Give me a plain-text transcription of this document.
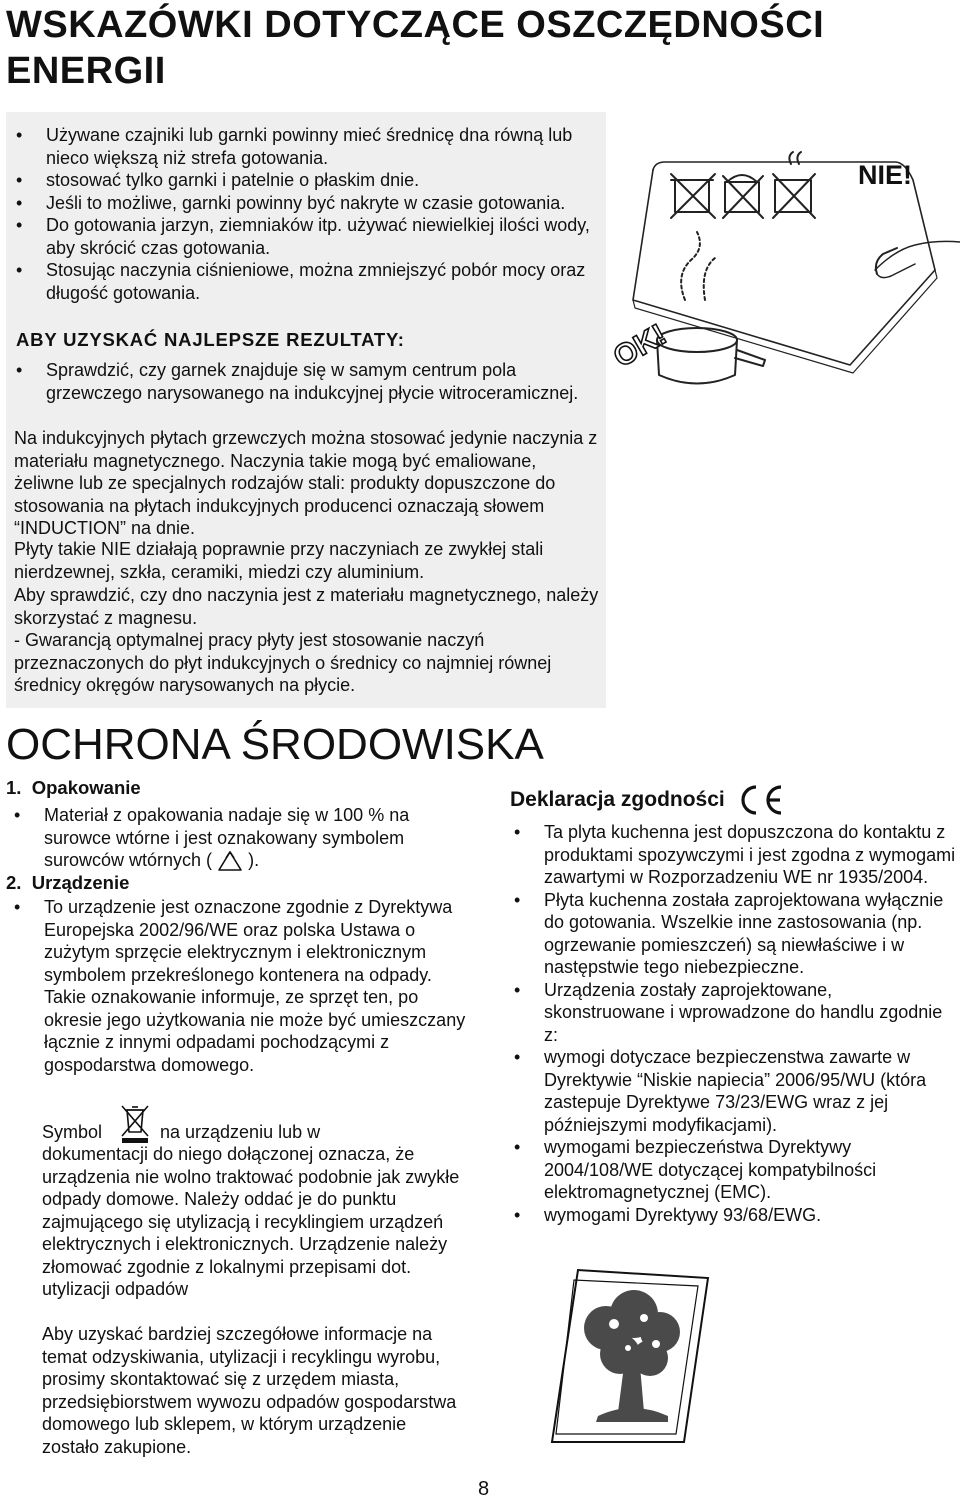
WSKAZÓWKI DOTYCZĄCE OSZCZĘDNOŚCI ENERGII
• Używane czajniki lub garnki powinny mieć średnicę dna równą lub nieco większą niż strefa gotowania.
• stosować tylko garnki i patelnie o płaskim dnie.
• Jeśli to możliwe, garnki powinny być nakryte w czasie gotowania.
• Do gotowania jarzyn, ziemniaków itp. używać niewielkiej ilości wody, aby skrócić czas gotowania.
• Stosując naczynia ciśnieniowe, można zmniejszyć pobór mocy oraz długość gotowania.
ABY UZYSKAĆ NAJLEPSZE REZULTATY:
• Sprawdzić, czy garnek znajduje się w samym centrum pola grzewczego narysowanego na indukcyjnej płycie witroceramicznej.

Na indukcyjnych płytach grzewczych można stosować jedynie naczynia z materiału magnetycznego. Naczynia takie mogą być emaliowane, żeliwne lub ze specjalnych rodzajów stali: produkty dopuszczone do stosowania na płytach indukcyjnych producenci oznaczają słowem “INDUCTION” na dnie.

Płyty takie NIE działają poprawnie przy naczyniach ze zwykłej stali nierdzewnej, szkła, ceramiki, miedzi czy aluminium.

Aby sprawdzić, czy dno naczynia jest z materiału magnetycznego, należy skorzystać z magnesu.

- Gwarancją optymalnej pracy płyty jest stosowanie naczyń przeznaczonych do płyt indukcyjnych o średnicy co najmniej równej średnicy okręgów narysowanych na płycie.

OK!
NIE!
OCHRONA ŚRODOWISKA
1.  Opakowanie
• Materiał z opakowania nadaje się w 100 % na surowce wtórne i jest oznakowany symbolem surowców wtórnych ( ).
2.  Urządzenie
• To urządzenie jest oznaczone zgodnie z Dyrektywa Europejska 2002/96/WE oraz polska Ustawa o zużytym sprzęcie elektrycznym i elektronicznym symbolem przekreślonego kontenera na odpady. Takie oznakowanie informuje, ze sprzęt ten, po okresie jego użytkowania nie może być umieszczany łącznie z innymi odpadami pochodzącymi z gospodarstwa domowego.
Symbol	na urządzeniu lub w

dokumentacji do niego dołączonej oznacza, że urządzenia nie wolno traktować podobnie jak zwykłe odpady domowe. Należy oddać je do punktu zajmującego się utylizacją i recyklingiem urządzeń elektrycznych i elektronicznych. Urządzenie należy złomować zgodnie z lokalnymi przepisami dot. utylizacji odpadów

Aby uzyskać bardziej szczegółowe informacje na temat odzyskiwania, utylizacji i recyklingu wyrobu, prosimy skontaktować się z urzędem miasta, przedsiębiorstwem wywozu odpadów gospodarstwa domowego lub sklepem, w którym urządzenie zostało zakupione.

Deklaracja zgodności
• Ta plyta kuchenna jest dopuszczona do kontaktu z produktami spozywczymi i jest zgodna z wymogami zawartymi w Rozporzadzeniu WE nr 1935/2004.
• Płyta kuchenna została zaprojektowana wyłącznie do gotowania. Wszelkie inne zastosowania (np. ogrzewanie pomieszczeń) są niewłaściwe i w następstwie tego niebezpieczne.
• Urządzenia zostały zaprojektowane, skonstruowane i wprowadzone do handlu zgodnie z:
• wymogi dotyczace bezpieczenstwa zawarte w Dyrektywie “Niskie napiecia” 2006/95/WU (która zastepuje Dyrektywe 73/23/EWG wraz z jej późniejszymi modyfikacjami).
• wymogami bezpieczeństwa Dyrektywy 2004/108/WE dotyczącej kompatybilności elektromagnetycznej (EMC).
• wymogami Dyrektywy 93/68/EWG.
8
